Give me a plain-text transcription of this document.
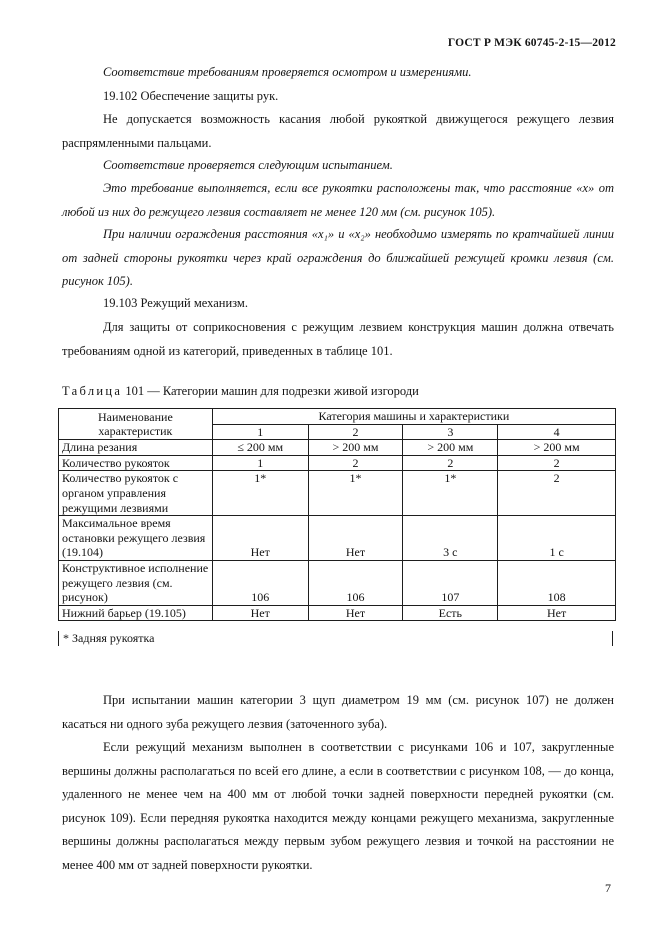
ГОСТ Р МЭК 60745-2-15—2012

Соответствие требованиям проверяется осмотром и измерениями.

19.102 Обеспечение защиты рук.

Не допускается возможность касания любой рукояткой движущегося режущего лезвия распрямленными пальцами.

Соответствие проверяется следующим испытанием.

Это требование выполняется, если все рукоятки расположены так, что расстояние «x» от любой из них до режущего лезвия составляет не менее 120 мм (см. рисунок 105).

При наличии ограждения расстояния «x₁» и «x₂» необходимо измерять по кратчайшей линии от задней стороны рукоятки через край ограждения до ближайшей режущей кромки лезвия (см. рисунок 105).

19.103 Режущий механизм.

Для защиты от соприкосновения с режущим лезвием конструкция машин должна отвечать требованиям одной из категорий, приведенных в таблице 101.

Таблица 101 — Категории машин для подрезки живой изгороди
Наименование характеристик	Категория машины и характеристики			
	1	2	3	4
Длина резания	≤ 200 мм	> 200 мм	> 200 мм	> 200 мм
Количество рукояток	1	2	2	2
Количество рукояток с органом управления режущими лезвиями	1*	1*	1*	2
Максимальное время остановки режущего лезвия (19.104)	Нет	Нет	3 с	1 с
Конструктивное исполнение режущего лезвия (см. рисунок)	106	106	107	108
Нижний барьер (19.105)	Нет	Нет	Есть	Нет
* Задняя рукоятка

При испытании машин категории 3 щуп диаметром 19 мм (см. рисунок 107) не должен касаться ни одного зуба режущего лезвия (заточенного зуба).

Если режущий механизм выполнен в соответствии с рисунками 106 и 107, закругленные вершины должны располагаться по всей его длине, а если в соответствии с рисунком 108, — до конца, удаленного не менее чем на 400 мм от любой точки задней поверхности передней рукоятки (см. рисунок 109). Если передняя рукоятка находится между концами режущего механизма, закругленные вершины должны располагаться между первым зубом режущего лезвия и точкой на расстоянии не менее 400 мм от задней поверхности рукоятки.

7
